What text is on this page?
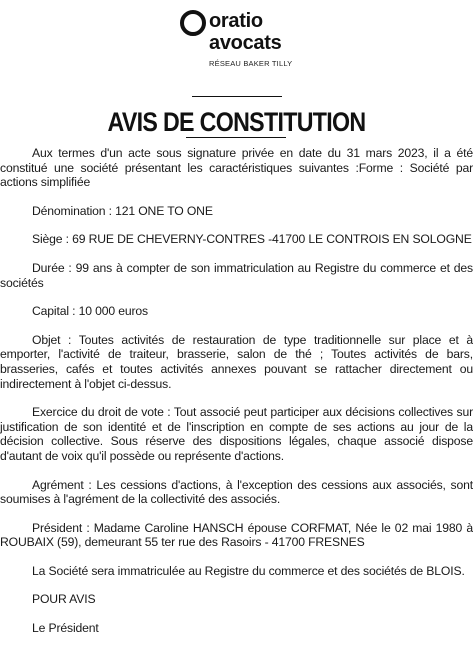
oratio
avocats
RÉSEAU BAKER TILLY
AVIS DE CONSTITUTION

Aux termes d'un acte sous signature privée en date du 31 mars 2023, il a été constitué une société présentant les caractéristiques suivantes :Forme : Société par actions simplifiée

Dénomination : 121 ONE TO ONE

Siège : 69 RUE DE CHEVERNY-CONTRES -41700 LE CONTROIS EN SOLOGNE

Durée : 99 ans à compter de son immatriculation au Registre du commerce et des sociétés

Capital : 10 000 euros

Objet : Toutes activités de restauration de type traditionnelle sur place et à emporter, l'activité de traiteur, brasserie, salon de thé ; Toutes activités de bars, brasseries, cafés et toutes activités annexes pouvant se rattacher directement ou indirectement à l'objet ci-dessus.

Exercice du droit de vote : Tout associé peut participer aux décisions collectives sur justification de son identité et de l'inscription en compte de ses actions au jour de la décision collective. Sous réserve des dispositions légales, chaque associé dispose d'autant de voix qu'il possède ou représente d'actions.

Agrément : Les cessions d'actions, à l'exception des cessions aux associés, sont soumises à l'agrément de la collectivité des associés.

Président : Madame Caroline HANSCH épouse CORFMAT, Née le 02 mai 1980 à ROUBAIX (59), demeurant 55 ter rue des Rasoirs - 41700 FRESNES

La Société sera immatriculée au Registre du commerce et des sociétés de BLOIS.

POUR AVIS

Le Président
